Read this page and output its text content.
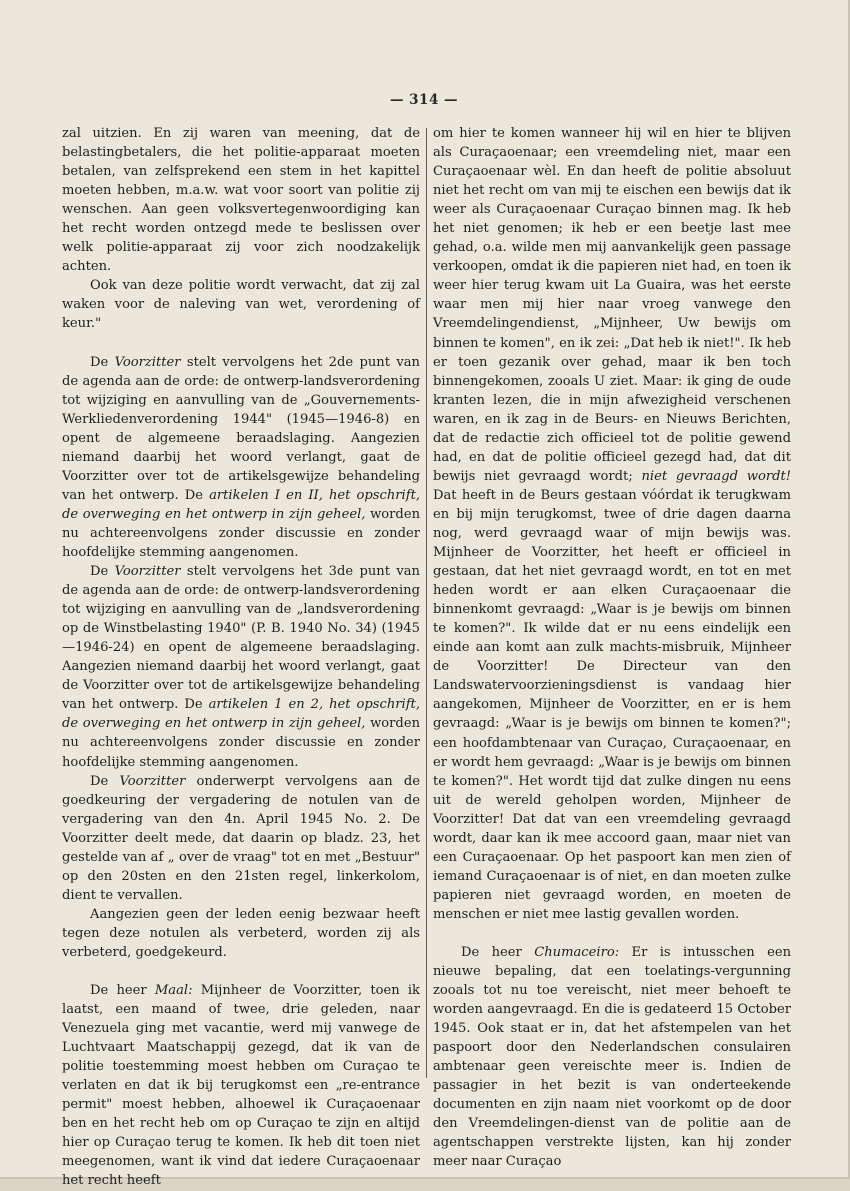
— 314 —

zal uitzien. En zij waren van meening, dat de belastingbetalers, die het politie-apparaat moeten betalen, van zelfsprekend een stem in het kapittel moeten hebben, m.a.w. wat voor soort van politie zij wenschen. Aan geen volksvertegenwoordiging kan het recht worden ontzegd mede te beslissen over welk politie-apparaat zij voor zich noodzakelijk achten.

Ook van deze politie wordt verwacht, dat zij zal waken voor de naleving van wet, verordening of keur."

De Voorzitter stelt vervolgens het 2de punt van de agenda aan de orde: de ontwerp-landsverordening tot wijziging en aanvulling van de „Gouvernements-Werkliedenverordening 1944" (1945—1946-8) en opent de algemeene beraadslaging. Aangezien niemand daarbij het woord verlangt, gaat de Voorzitter over tot de artikelsgewijze behandeling van het ontwerp. De artikelen I en II, het opschrift, de overweging en het ontwerp in zijn geheel, worden nu achtereenvolgens zonder discussie en zonder hoofdelijke stemming aangenomen.

De Voorzitter stelt vervolgens het 3de punt van de agenda aan de orde: de ontwerp-landsverordening tot wijziging en aanvulling van de „landsverordening op de Winstbelasting 1940" (P. B. 1940 No. 34) (1945—1946-24) en opent de algemeene beraadslaging. Aangezien niemand daarbij het woord verlangt, gaat de Voorzitter over tot de artikelsgewijze behandeling van het ontwerp. De artikelen 1 en 2, het opschrift, de overweging en het ontwerp in zijn geheel, worden nu achtereenvolgens zonder discussie en zonder hoofdelijke stemming aangenomen.

De Voorzitter onderwerpt vervolgens aan de goedkeuring der vergadering de notulen van de vergadering van den 4n. April 1945 No. 2. De Voorzitter deelt mede, dat daarin op bladz. 23, het gestelde van af „ over de vraag" tot en met „Bestuur" op den 20sten en den 21sten regel, linkerkolom, dient te vervallen.

Aangezien geen der leden eenig bezwaar heeft tegen deze notulen als verbeterd, worden zij als verbeterd, goedgekeurd.

De heer Maal: Mijnheer de Voorzitter, toen ik laatst, een maand of twee, drie geleden, naar Venezuela ging met vacantie, werd mij vanwege de Luchtvaart Maatschappij gezegd, dat ik van de politie toestemming moest hebben om Curaçao te verlaten en dat ik bij terugkomst een „re-entrance permit" moest hebben, alhoewel ik Curaçaoenaar ben en het recht heb om op Curaçao te zijn en altijd hier op Curaçao terug te komen. Ik heb dit toen niet meegenomen, want ik vind dat iedere Curaçaoenaar het recht heeft

om hier te komen wanneer hij wil en hier te blijven als Curaçaoenaar; een vreemdeling niet, maar een Curaçaoenaar wèl. En dan heeft de politie absoluut niet het recht om van mij te eischen een bewijs dat ik weer als Curaçaoenaar Curaçao binnen mag. Ik heb het niet genomen; ik heb er een beetje last mee gehad, o.a. wilde men mij aanvankelijk geen passage verkoopen, omdat ik die papieren niet had, en toen ik weer hier terug kwam uit La Guaira, was het eerste waar men mij hier naar vroeg vanwege den Vreemdelingendienst, „Mijnheer, Uw bewijs om binnen te komen", en ik zei: „Dat heb ik niet!". Ik heb er toen gezanik over gehad, maar ik ben toch binnengekomen, zooals U ziet. Maar: ik ging de oude kranten lezen, die in mijn afwezigheid verschenen waren, en ik zag in de Beurs- en Nieuws Berichten, dat de redactie zich officieel tot de politie gewend had, en dat de politie officieel gezegd had, dat dit bewijs niet gevraagd wordt; niet gevraagd wordt! Dat heeft in de Beurs gestaan vóórdat ik terugkwam en bij mijn terugkomst, twee of drie dagen daarna nog, werd gevraagd waar of mijn bewijs was. Mijnheer de Voorzitter, het heeft er officieel in gestaan, dat het niet gevraagd wordt, en tot en met heden wordt er aan elken Curaçaoenaar die binnenkomt gevraagd: „Waar is je bewijs om binnen te komen?". Ik wilde dat er nu eens eindelijk een einde aan komt aan zulk machts-misbruik, Mijnheer de Voorzitter! De Directeur van den Landswatervoorzieningsdienst is vandaag hier aangekomen, Mijnheer de Voorzitter, en er is hem gevraagd: „Waar is je bewijs om binnen te komen?"; een hoofdambtenaar van Curaçao, Curaçaoenaar, en er wordt hem gevraagd: „Waar is je bewijs om binnen te komen?". Het wordt tijd dat zulke dingen nu eens uit de wereld geholpen worden, Mijnheer de Voorzitter! Dat dat van een vreemdeling gevraagd wordt, daar kan ik mee accoord gaan, maar niet van een Curaçaoenaar. Op het paspoort kan men zien of iemand Curaçaoenaar is of niet, en dan moeten zulke papieren niet gevraagd worden, en moeten de menschen er niet mee lastig gevallen worden.

De heer Chumaceiro: Er is intusschen een nieuwe bepaling, dat een toelatings-vergunning zooals tot nu toe vereischt, niet meer behoeft te worden aangevraagd. En die is gedateerd 15 October 1945. Ook staat er in, dat het afstempelen van het paspoort door den Nederlandschen consulairen ambtenaar geen vereischte meer is. Indien de passagier in het bezit is van onderteekende documenten en zijn naam niet voorkomt op de door den Vreemdelingen-dienst van de politie aan de agentschappen verstrekte lijsten, kan hij zonder meer naar Curaçao
